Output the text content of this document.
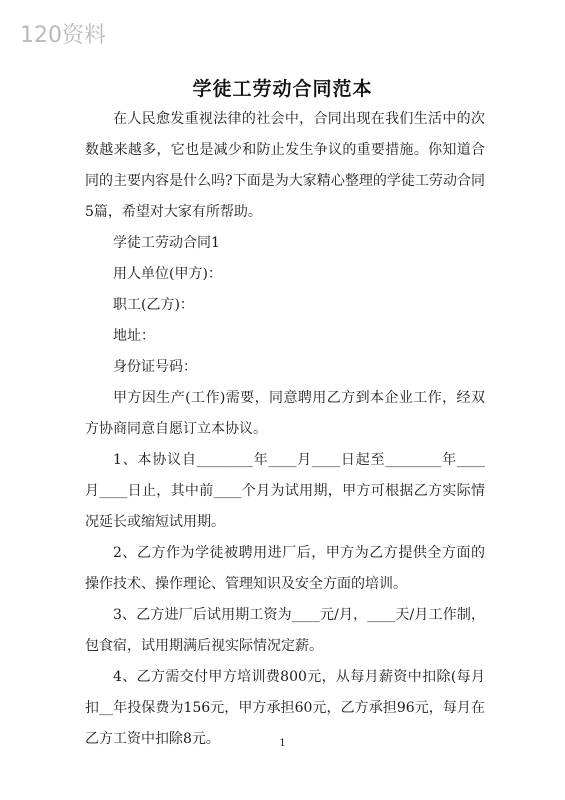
120资料
学徒工劳动合同范本

在人民愈发重视法律的社会中，合同出现在我们生活中的次数越来越多，它也是减少和防止发生争议的重要措施。你知道合同的主要内容是什么吗?下面是为大家精心整理的学徒工劳动合同5篇，希望对大家有所帮助。

学徒工劳动合同1

用人单位(甲方)：

职工(乙方)：

地址：

身份证号码：

甲方因生产(工作)需要，同意聘用乙方到本企业工作，经双方协商同意自愿订立本协议。

1、本协议自________年____月____日起至________年____月____日止，其中前____个月为试用期，甲方可根据乙方实际情况延长或缩短试用期。

2、乙方作为学徒被聘用进厂后，甲方为乙方提供全方面的操作技术、操作理论、管理知识及安全方面的培训。

3、乙方进厂后试用期工资为____元/月，____天/月工作制，包食宿，试用期满后视实际情况定薪。

4、乙方需交付甲方培训费800元，从每月薪资中扣除(每月扣__年投保费为156元，甲方承担60元，乙方承担96元，每月在乙方工资中扣除8元。	1
